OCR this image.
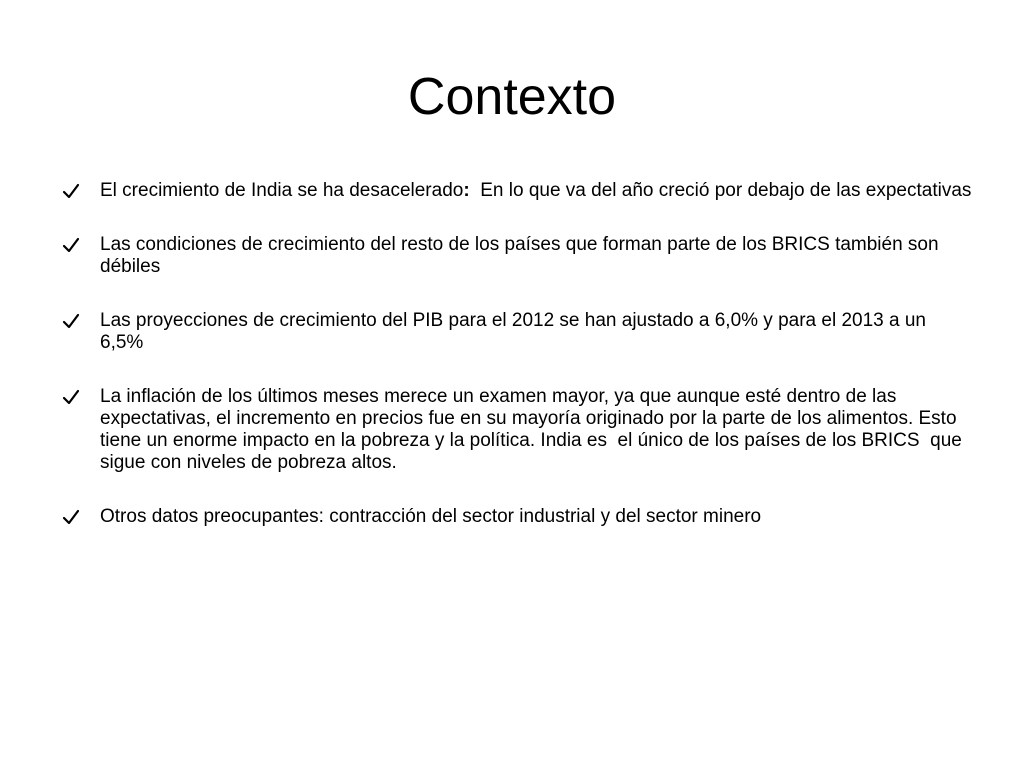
Contexto
El crecimiento de India se ha desacelerado:  En lo que va del año creció por debajo de las expectativas
Las condiciones de crecimiento del resto de los países que forman parte de los BRICS también son débiles
Las proyecciones de crecimiento del PIB para el 2012 se han ajustado a 6,0% y para el 2013 a un 6,5%
La inflación de los últimos meses merece un examen mayor, ya que aunque esté dentro de las expectativas, el incremento en precios fue en su mayoría originado por la parte de los alimentos. Esto tiene un enorme impacto en la pobreza y la política. India es  el único de los países de los BRICS  que sigue con niveles de pobreza altos.
Otros datos preocupantes: contracción del sector industrial y del sector minero
